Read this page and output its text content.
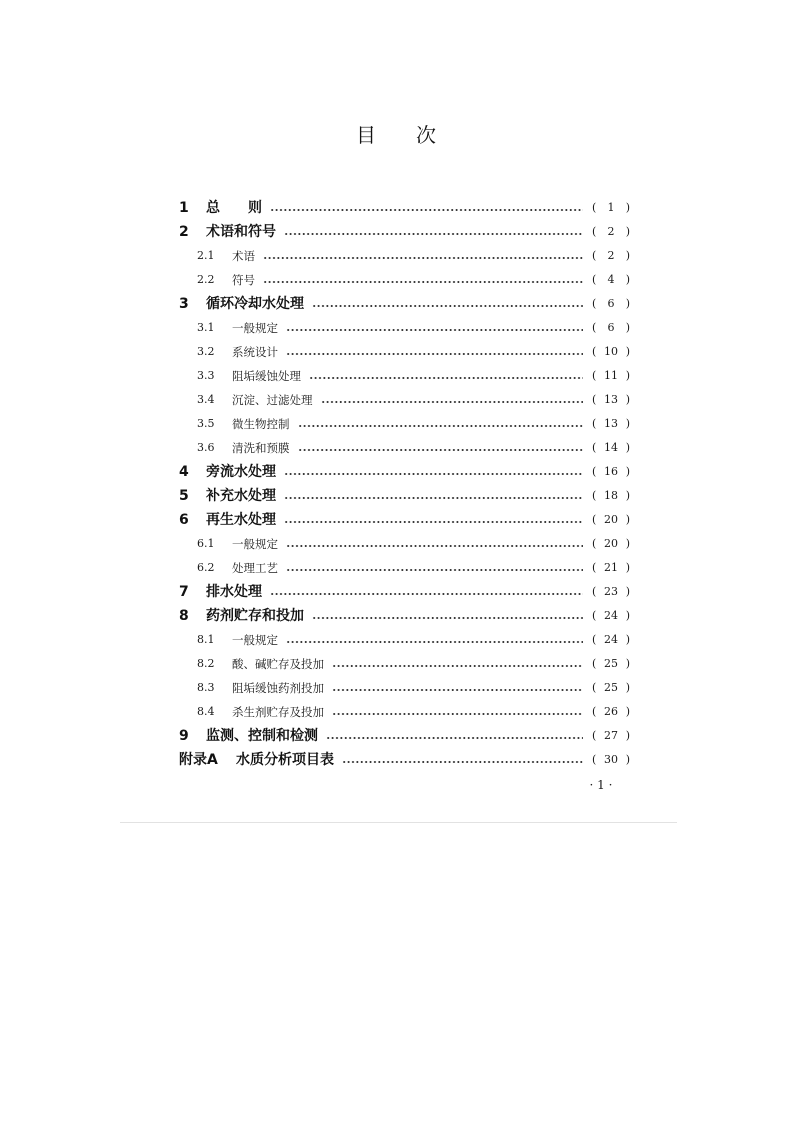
目　　次
1	总　　则	( 1 )
2	术语和符号	( 2 )
2.1	术语	( 2 )
2.2	符号	( 4 )
3	循环冷却水处理	( 6 )
3.1	一般规定	( 6 )
3.2	系统设计	( 10 )
3.3	阻垢缓蚀处理	( 11 )
3.4	沉淀、过滤处理	( 13 )
3.5	微生物控制	( 13 )
3.6	清洗和预膜	( 14 )
4	旁流水处理	( 16 )
5	补充水处理	( 18 )
6	再生水处理	( 20 )
6.1	一般规定	( 20 )
6.2	处理工艺	( 21 )
7	排水处理	( 23 )
8	药剂贮存和投加	( 24 )
8.1	一般规定	( 24 )
8.2	酸、碱贮存及投加	( 25 )
8.3	阻垢缓蚀药剂投加	( 25 )
8.4	杀生剂贮存及投加	( 26 )
9	监测、控制和检测	( 27 )
附录A	水质分析项目表	( 30 )
· 1 ·
